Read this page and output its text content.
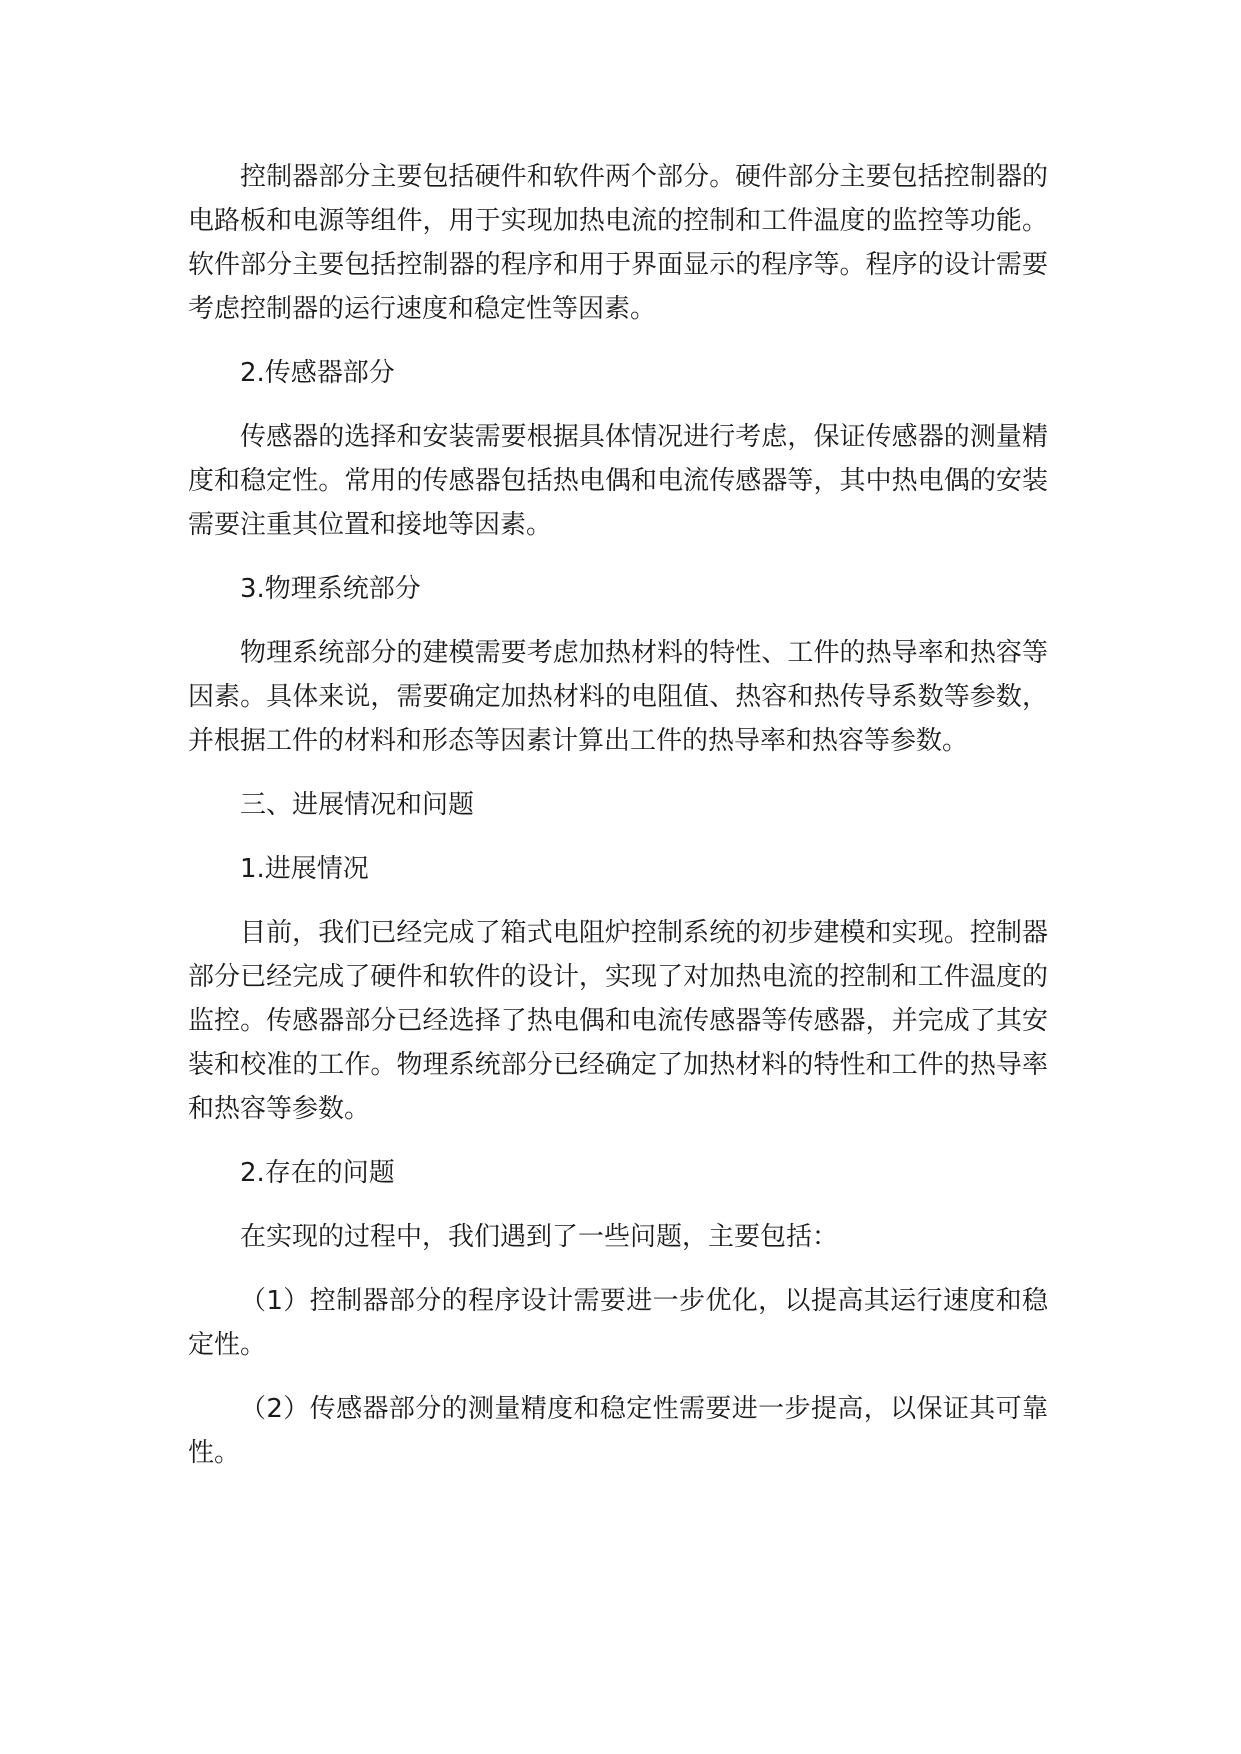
控制器部分主要包括硬件和软件两个部分。硬件部分主要包括控制器的电路板和电源等组件，用于实现加热电流的控制和工件温度的监控等功能。软件部分主要包括控制器的程序和用于界面显示的程序等。程序的设计需要考虑控制器的运行速度和稳定性等因素。

2.传感器部分

传感器的选择和安装需要根据具体情况进行考虑，保证传感器的测量精度和稳定性。常用的传感器包括热电偶和电流传感器等，其中热电偶的安装需要注重其位置和接地等因素。

3.物理系统部分

物理系统部分的建模需要考虑加热材料的特性、工件的热导率和热容等因素。具体来说，需要确定加热材料的电阻值、热容和热传导系数等参数，并根据工件的材料和形态等因素计算出工件的热导率和热容等参数。

三、进展情况和问题

1.进展情况

目前，我们已经完成了箱式电阻炉控制系统的初步建模和实现。控制器部分已经完成了硬件和软件的设计，实现了对加热电流的控制和工件温度的监控。传感器部分已经选择了热电偶和电流传感器等传感器，并完成了其安装和校准的工作。物理系统部分已经确定了加热材料的特性和工件的热导率和热容等参数。

2.存在的问题

在实现的过程中，我们遇到了一些问题，主要包括：

（1）控制器部分的程序设计需要进一步优化，以提高其运行速度和稳定性。

（2）传感器部分的测量精度和稳定性需要进一步提高，以保证其可靠性。
